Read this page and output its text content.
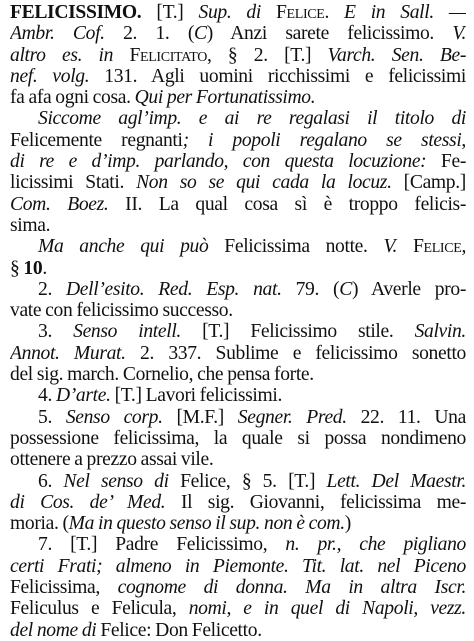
FELICISSIMO. [T.] Sup. di Felice. E in Sall. —
Ambr. Cof. 2. 1. (C) Anzi sarete felicissimo. V.
altro es. in Felicitato, § 2. [T.] Varch. Sen. Be-
nef. volg. 131. Agli uomini ricchissimi e felicissimi
fa afa ogni cosa. Qui per Fortunatissimo.
Siccome agl’imp. e ai re regalasi il titolo di
Felicemente regnanti; i popoli regalano se stessi,
di re e d’imp. parlando, con questa locuzione: Fe-
licissimi Stati. Non so se qui cada la locuz. [Camp.]
Com. Boez. II. La qual cosa sì è troppo felicis-
sima.
Ma anche qui può Felicissima notte. V. Felice,
§ 10.
2. Dell’esito. Red. Esp. nat. 79. (C) Averle pro-
vate con felicissimo successo.
3. Senso intell. [T.] Felicissimo stile. Salvin.
Annot. Murat. 2. 337. Sublime e felicissimo sonetto
del sig. march. Cornelio, che pensa forte.
4. D’arte. [T.] Lavori felicissimi.
5. Senso corp. [M.F.] Segner. Pred. 22. 11. Una
possessione felicissima, la quale si possa nondimeno
ottenere a prezzo assai vile.
6. Nel senso di Felice, § 5. [T.] Lett. Del Maestr.
di Cos. de’ Med. Il sig. Giovanni, felicissima me-
moria. (Ma in questo senso il sup. non è com.)
7. [T.] Padre Felicissimo, n. pr., che pigliano
certi Frati; almeno in Piemonte. Tit. lat. nel Piceno
Felicissima, cognome di donna. Ma in altra Iscr.
Feliculus e Felicula, nomi, e in quel di Napoli, vezz.
del nome di Felice: Don Felicetto.
